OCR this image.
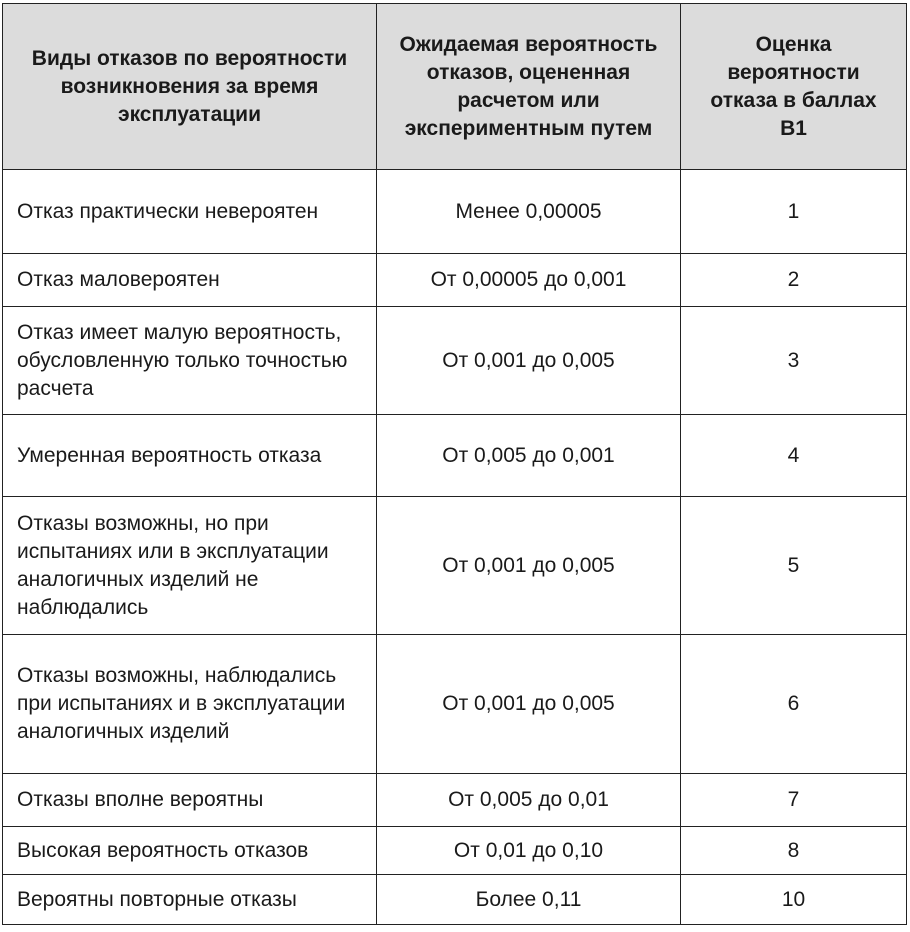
Виды отказов по вероятности возникновения за время эксплуатации	Ожидаемая вероятность отказов, оцененная расчетом или экспериментным путем	Оценка вероятности отказа в баллах В1
Отказ практически невероятен	Менее 0,00005	1
Отказ маловероятен	От 0,00005 до 0,001	2
Отказ имеет малую вероятность, обусловленную только точностью расчета	От 0,001 до 0,005	3
Умеренная вероятность отказа	От 0,005 до 0,001	4
Отказы возможны, но при испытаниях или в эксплуатации аналогичных изделий не наблюдались	От 0,001 до 0,005	5
Отказы возможны, наблюдались при испытаниях и в эксплуатации аналогичных изделий	От 0,001 до 0,005	6
Отказы вполне вероятны	От 0,005 до 0,01	7
Высокая вероятность отказов	От 0,01 до 0,10	8
Вероятны повторные отказы	Более 0,11	10
